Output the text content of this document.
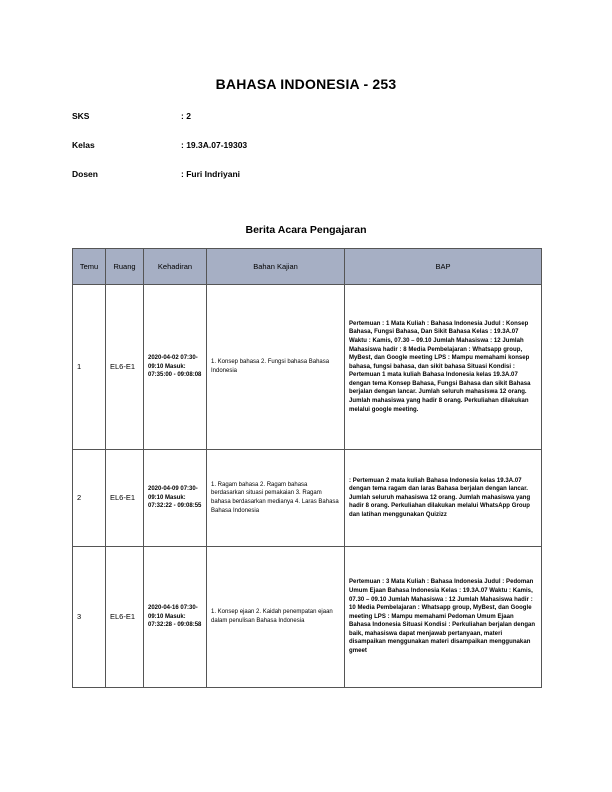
BAHASA INDONESIA - 253
SKS	: 2
Kelas	: 19.3A.07-19303
Dosen	: Furi Indriyani
Berita Acara Pengajaran
Temu	Ruang	Kehadiran	Bahan Kajian	BAP
1	EL6-E1	2020-04-02 07:30-09:10 Masuk: 07:35:00 - 09:08:08	1. Konsep bahasa 2. Fungsi bahasa Bahasa Indonesia	Pertemuan : 1 Mata Kuliah : Bahasa Indonesia Judul : Konsep Bahasa, Fungsi Bahasa, Dan Sikit Bahasa Kelas : 19.3A.07 Waktu : Kamis, 07.30 – 09.10 Jumlah Mahasiswa : 12 Jumlah Mahasiswa hadir : 8 Media Pembelajaran : Whatsapp group, MyBest, dan Google meeting LPS : Mampu memahami konsep bahasa, fungsi bahasa, dan sikit bahasa Situasi Kondisi : Pertemuan 1 mata kuliah Bahasa Indonesia kelas 19.3A.07 dengan tema Konsep Bahasa, Fungsi Bahasa dan sikit Bahasa berjalan dengan lancar. Jumlah seluruh mahasiswa 12 orang. Jumlah mahasiswa yang hadir 8 orang. Perkuliahan dilakukan melalui google meeting.
2	EL6-E1	2020-04-09 07:30-09:10 Masuk: 07:32:22 - 09:08:55	1. Ragam bahasa 2. Ragam bahasa berdasarkan situasi pemakaian 3. Ragam bahasa berdasarkan medianya 4. Laras Bahasa Bahasa Indonesia	: Pertemuan 2 mata kuliah Bahasa Indonesia kelas 19.3A.07 dengan tema ragam dan laras Bahasa berjalan dengan lancar. Jumlah seluruh mahasiswa 12 orang. Jumlah mahasiswa yang hadir 8 orang. Perkuliahan dilakukan melalui WhatsApp Group dan latihan menggunakan Quizizz
3	EL6-E1	2020-04-16 07:30-09:10 Masuk: 07:32:28 - 09:08:58	1. Konsep ejaan 2. Kaidah penempatan ejaan dalam penulisan Bahasa Indonesia	Pertemuan : 3 Mata Kuliah : Bahasa Indonesia Judul : Pedoman Umum Ejaan Bahasa Indonesia Kelas : 19.3A.07 Waktu : Kamis, 07.30 – 09.10 Jumlah Mahasiswa : 12 Jumlah Mahasiswa hadir : 10 Media Pembelajaran : Whatsapp group, MyBest, dan Google meeting LPS : Mampu memahami Pedoman Umum Ejaan Bahasa Indonesia Situasi Kondisi : Perkuliahan berjalan dengan baik, mahasiswa dapat menjawab pertanyaan, materi disampaikan menggunakan materi disampaikan menggunakan gmeet
